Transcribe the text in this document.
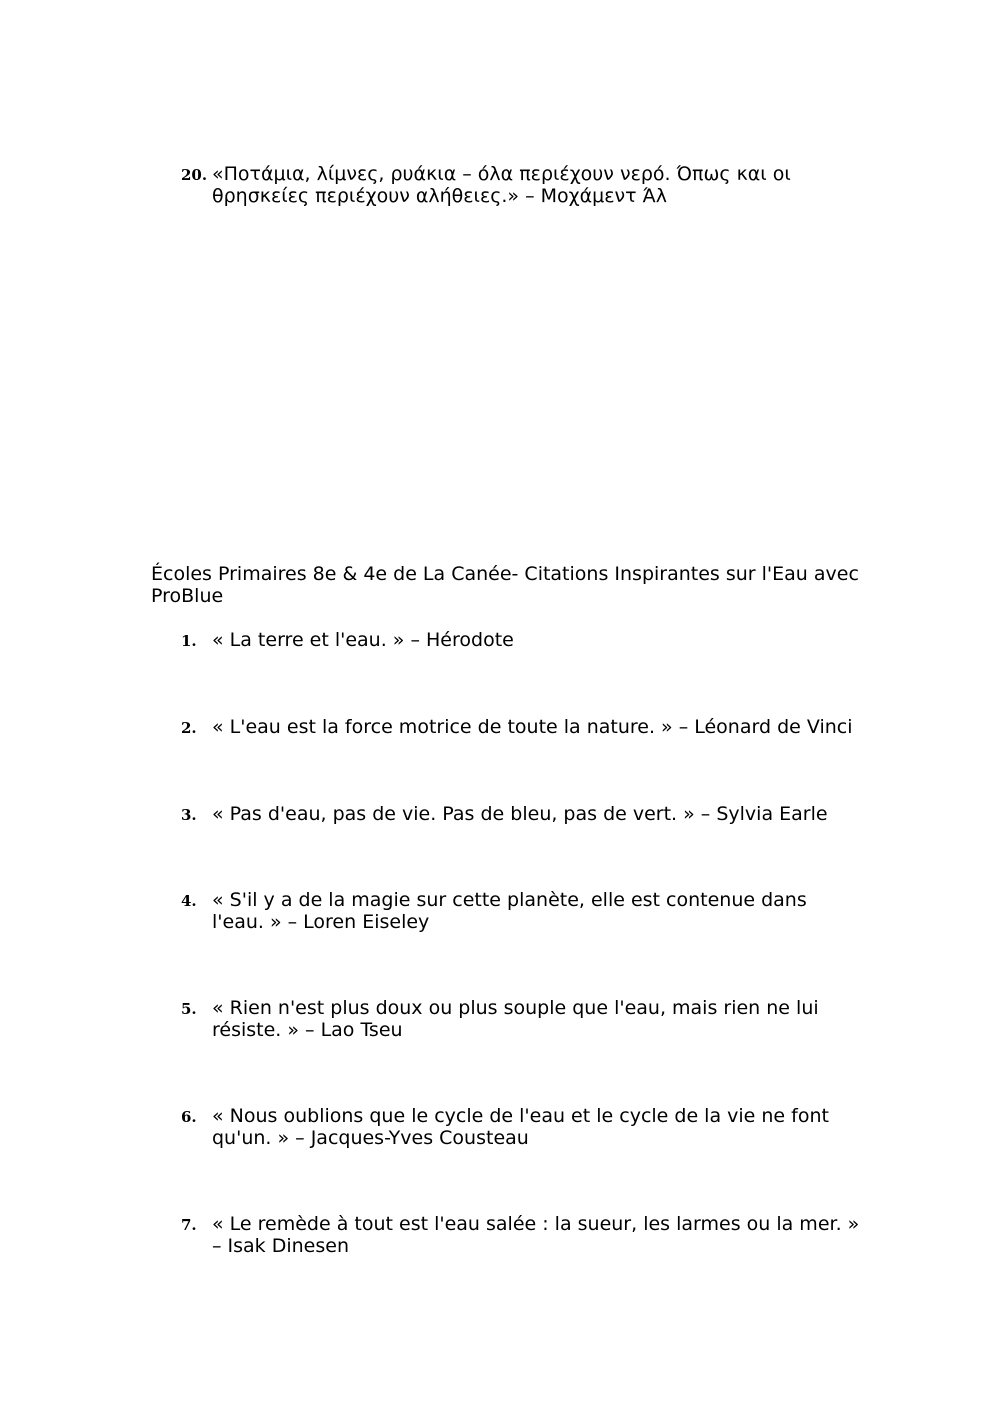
20. «Ποτάμια, λίμνες, ρυάκια – όλα περιέχουν νερό. Όπως και οι θρησκείες περιέχουν αλήθειες.» – Μοχάμεντ Άλ
Écoles Primaires 8e & 4e de La Canée- Citations Inspirantes sur l'Eau avec ProBlue
1. « La terre et l'eau. » – Hérodote
2. « L'eau est la force motrice de toute la nature. » – Léonard de Vinci
3. « Pas d'eau, pas de vie. Pas de bleu, pas de vert. » – Sylvia Earle
4. « S'il y a de la magie sur cette planète, elle est contenue dans l'eau. » – Loren Eiseley
5. « Rien n'est plus doux ou plus souple que l'eau, mais rien ne lui résiste. » – Lao Tseu
6. « Nous oublions que le cycle de l'eau et le cycle de la vie ne font qu'un. » – Jacques-Yves Cousteau
7. « Le remède à tout est l'eau salée : la sueur, les larmes ou la mer. » – Isak Dinesen
